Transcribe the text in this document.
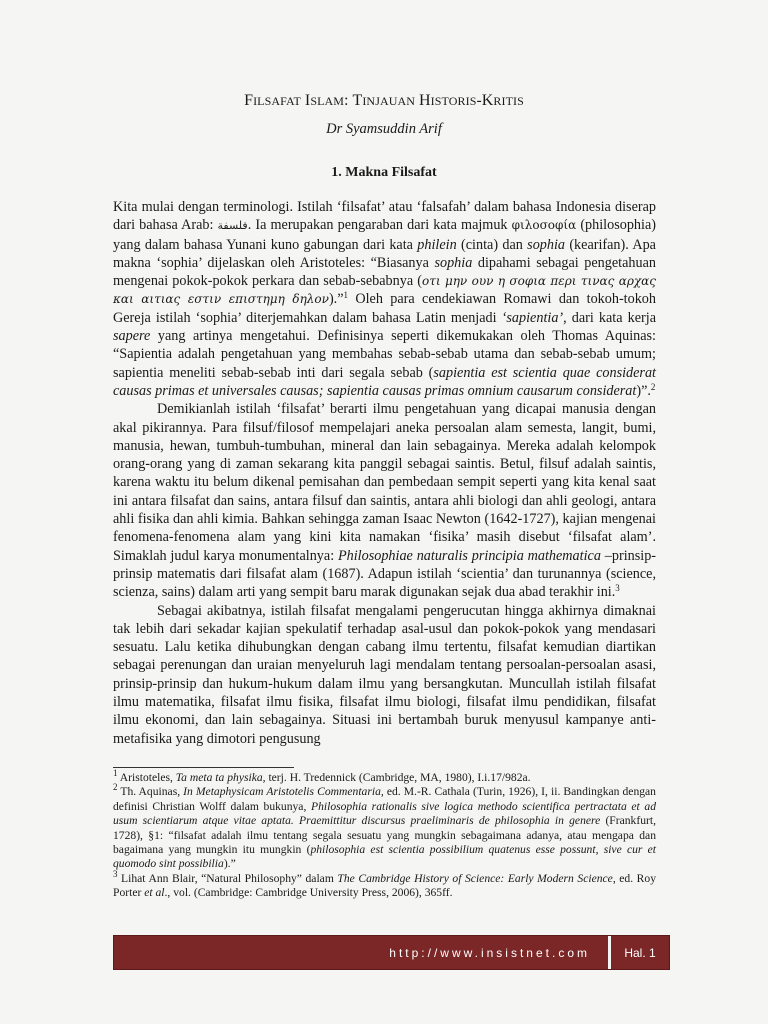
FILSAFAT ISLAM: TINJAUAN HISTORIS-KRITIS
Dr Syamsuddin Arif
1. Makna Filsafat

Kita mulai dengan terminologi. Istilah ‘filsafat’ atau ‘falsafah’ dalam bahasa Indonesia diserap dari bahasa Arab: فلسفة. Ia merupakan pengaraban dari kata majmuk φιλοσοφία (philosophia) yang dalam bahasa Yunani kuno gabungan dari kata philein (cinta) dan sophia (kearifan). Apa makna ‘sophia’ dijelaskan oleh Aristoteles: “Biasanya sophia dipahami sebagai pengetahuan mengenai pokok-pokok perkara dan sebab-sebabnya (οτι μην ουν η σοφια περι τινας αρχας και αιτιας εστιν επιστημη δηλον).”$^1$ Oleh para cendekiawan Romawi dan tokoh-tokoh Gereja istilah ‘sophia’ diterjemahkan dalam bahasa Latin menjadi ‘sapientia’, dari kata kerja sapere yang artinya mengetahui. Definisinya seperti dikemukakan oleh Thomas Aquinas: “Sapientia adalah pengetahuan yang membahas sebab-sebab utama dan sebab-sebab umum; sapientia meneliti sebab-sebab inti dari segala sebab (sapientia est scientia quae considerat causas primas et universales causas; sapientia causas primas omnium causarum considerat)”.$^2$

Demikianlah istilah ‘filsafat’ berarti ilmu pengetahuan yang dicapai manusia dengan akal pikirannya. Para filsuf/filosof mempelajari aneka persoalan alam semesta, langit, bumi, manusia, hewan, tumbuh-tumbuhan, mineral dan lain sebagainya. Mereka adalah kelompok orang-orang yang di zaman sekarang kita panggil sebagai saintis. Betul, filsuf adalah saintis, karena waktu itu belum dikenal pemisahan dan pembedaan sempit seperti yang kita kenal saat ini antara filsafat dan sains, antara filsuf dan saintis, antara ahli biologi dan ahli geologi, antara ahli fisika dan ahli kimia. Bahkan sehingga zaman Isaac Newton (1642-1727), kajian mengenai fenomena-fenomena alam yang kini kita namakan ‘fisika’ masih disebut ‘filsafat alam’. Simaklah judul karya monumentalnya: Philosophiae naturalis principia mathematica –prinsip-prinsip matematis dari filsafat alam (1687). Adapun istilah ‘scientia’ dan turunannya (science, scienza, sains) dalam arti yang sempit baru marak digunakan sejak dua abad terakhir ini.$^3$

Sebagai akibatnya, istilah filsafat mengalami pengerucutan hingga akhirnya dimaknai tak lebih dari sekadar kajian spekulatif terhadap asal-usul dan pokok-pokok yang mendasari sesuatu. Lalu ketika dihubungkan dengan cabang ilmu tertentu, filsafat kemudian diartikan sebagai perenungan dan uraian menyeluruh lagi mendalam tentang persoalan-persoalan asasi, prinsip-prinsip dan hukum-hukum dalam ilmu yang bersangkutan. Muncullah istilah filsafat ilmu matematika, filsafat ilmu fisika, filsafat ilmu biologi, filsafat ilmu pendidikan, filsafat ilmu ekonomi, dan lain sebagainya. Situasi ini bertambah buruk menyusul kampanye anti-metafisika yang dimotori pengusung

$^1$ Aristoteles, Ta meta ta physika, terj. H. Tredennick (Cambridge, MA, 1980), I.i.17/982a.

$^2$ Th. Aquinas, In Metaphysicam Aristotelis Commentaria, ed. M.-R. Cathala (Turin, 1926), I, ii. Bandingkan dengan definisi Christian Wolff dalam bukunya, Philosophia rationalis sive logica methodo scientifica pertractata et ad usum scientiarum atque vitae aptata. Praemittitur discursus praeliminaris de philosophia in genere (Frankfurt, 1728), §1: “filsafat adalah ilmu tentang segala sesuatu yang mungkin sebagaimana adanya, atau mengapa dan bagaimana yang mungkin itu mungkin (philosophia est scientia possibilium quatenus esse possunt, sive cur et quomodo sint possibilia).”

$^3$ Lihat Ann Blair, “Natural Philosophy” dalam The Cambridge History of Science: Early Modern Science, ed. Roy Porter et al., vol. (Cambridge: Cambridge University Press, 2006), 365ff.

http://www.insistnet.com	Hal. 1
